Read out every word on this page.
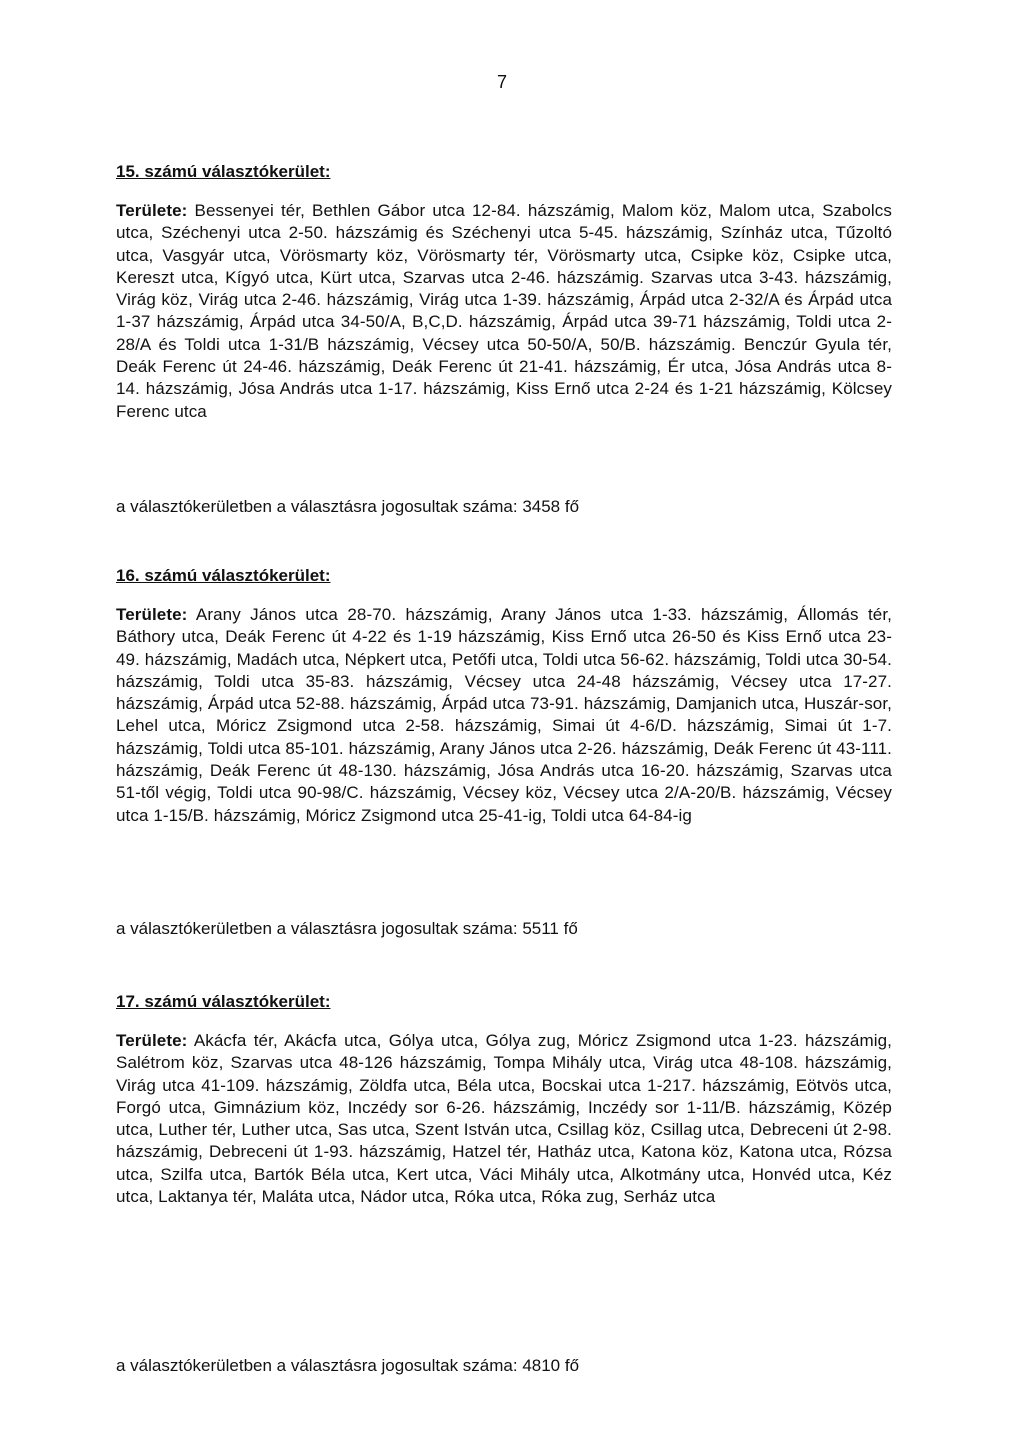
7
15. számú választókerület:

Területe: Bessenyei tér, Bethlen Gábor utca 12-84. házszámig, Malom köz, Malom utca, Szabolcs utca, Széchenyi utca 2-50. házszámig és Széchenyi utca 5-45. házszámig, Színház utca, Tűzoltó utca, Vasgyár utca, Vörösmarty köz, Vörösmarty tér, Vörösmarty utca, Csipke köz, Csipke utca, Kereszt utca, Kígyó utca, Kürt utca, Szarvas utca 2-46. házszámig. Szarvas utca 3-43. házszámig, Virág köz, Virág utca 2-46. házszámig, Virág utca 1-39. házszámig, Árpád utca 2-32/A és Árpád utca 1-37 házszámig, Árpád utca 34-50/A, B,C,D. házszámig, Árpád utca 39-71 házszámig, Toldi utca 2-28/A és Toldi utca 1-31/B házszámig, Vécsey utca 50-50/A, 50/B. házszámig. Benczúr Gyula tér, Deák Ferenc út 24-46. házszámig, Deák Ferenc út 21-41. házszámig, Ér utca, Jósa András utca 8-14. házszámig, Jósa András utca 1-17. házszámig, Kiss Ernő utca 2-24 és 1-21 házszámig, Kölcsey Ferenc utca

a választókerületben a választásra jogosultak száma: 3458 fő

16. számú választókerület:

Területe: Arany János utca 28-70. házszámig, Arany János utca 1-33. házszámig, Állomás tér, Báthory utca, Deák Ferenc út 4-22 és 1-19 házszámig, Kiss Ernő utca 26-50 és Kiss Ernő utca 23- 49. házszámig, Madách utca, Népkert utca, Petőfi utca, Toldi utca 56-62. házszámig, Toldi utca 30-54. házszámig, Toldi utca 35-83. házszámig, Vécsey utca 24-48 házszámig, Vécsey utca 17-27. házszámig, Árpád utca 52-88. házszámig, Árpád utca 73-91. házszámig, Damjanich utca, Huszár-sor, Lehel utca, Móricz Zsigmond utca 2-58. házszámig, Simai út 4-6/D. házszámig, Simai út 1-7. házszámig, Toldi utca 85-101. házszámig, Arany János utca 2-26. házszámig, Deák Ferenc út 43-111. házszámig, Deák Ferenc út 48-130. házszámig, Jósa András utca 16-20. házszámig, Szarvas utca 51-től végig, Toldi utca 90-98/C. házszámig, Vécsey köz, Vécsey utca 2/A-20/B. házszámig, Vécsey utca 1-15/B. házszámig, Móricz Zsigmond utca 25-41-ig, Toldi utca 64-84-ig

a választókerületben a választásra jogosultak száma: 5511 fő

17. számú választókerület:

Területe: Akácfa tér, Akácfa utca, Gólya utca, Gólya zug, Móricz Zsigmond utca 1-23. házszámig, Salétrom köz, Szarvas utca 48-126 házszámig, Tompa Mihály utca, Virág utca 48-108. házszámig, Virág utca 41-109. házszámig, Zöldfa utca, Béla utca, Bocskai utca 1-217. házszámig, Eötvös utca, Forgó utca, Gimnázium köz, Inczédy sor 6-26. házszámig, Inczédy sor 1-11/B. házszámig, Közép utca, Luther tér, Luther utca, Sas utca, Szent István utca, Csillag köz, Csillag utca, Debreceni út 2-98. házszámig, Debreceni út 1-93. házszámig, Hatzel tér, Hatház utca, Katona köz, Katona utca, Rózsa utca, Szilfa utca, Bartók Béla utca, Kert utca, Váci Mihály utca, Alkotmány utca, Honvéd utca, Kéz utca, Laktanya tér, Maláta utca, Nádor utca, Róka utca, Róka zug, Serház utca

a választókerületben a választásra jogosultak száma: 4810 fő
